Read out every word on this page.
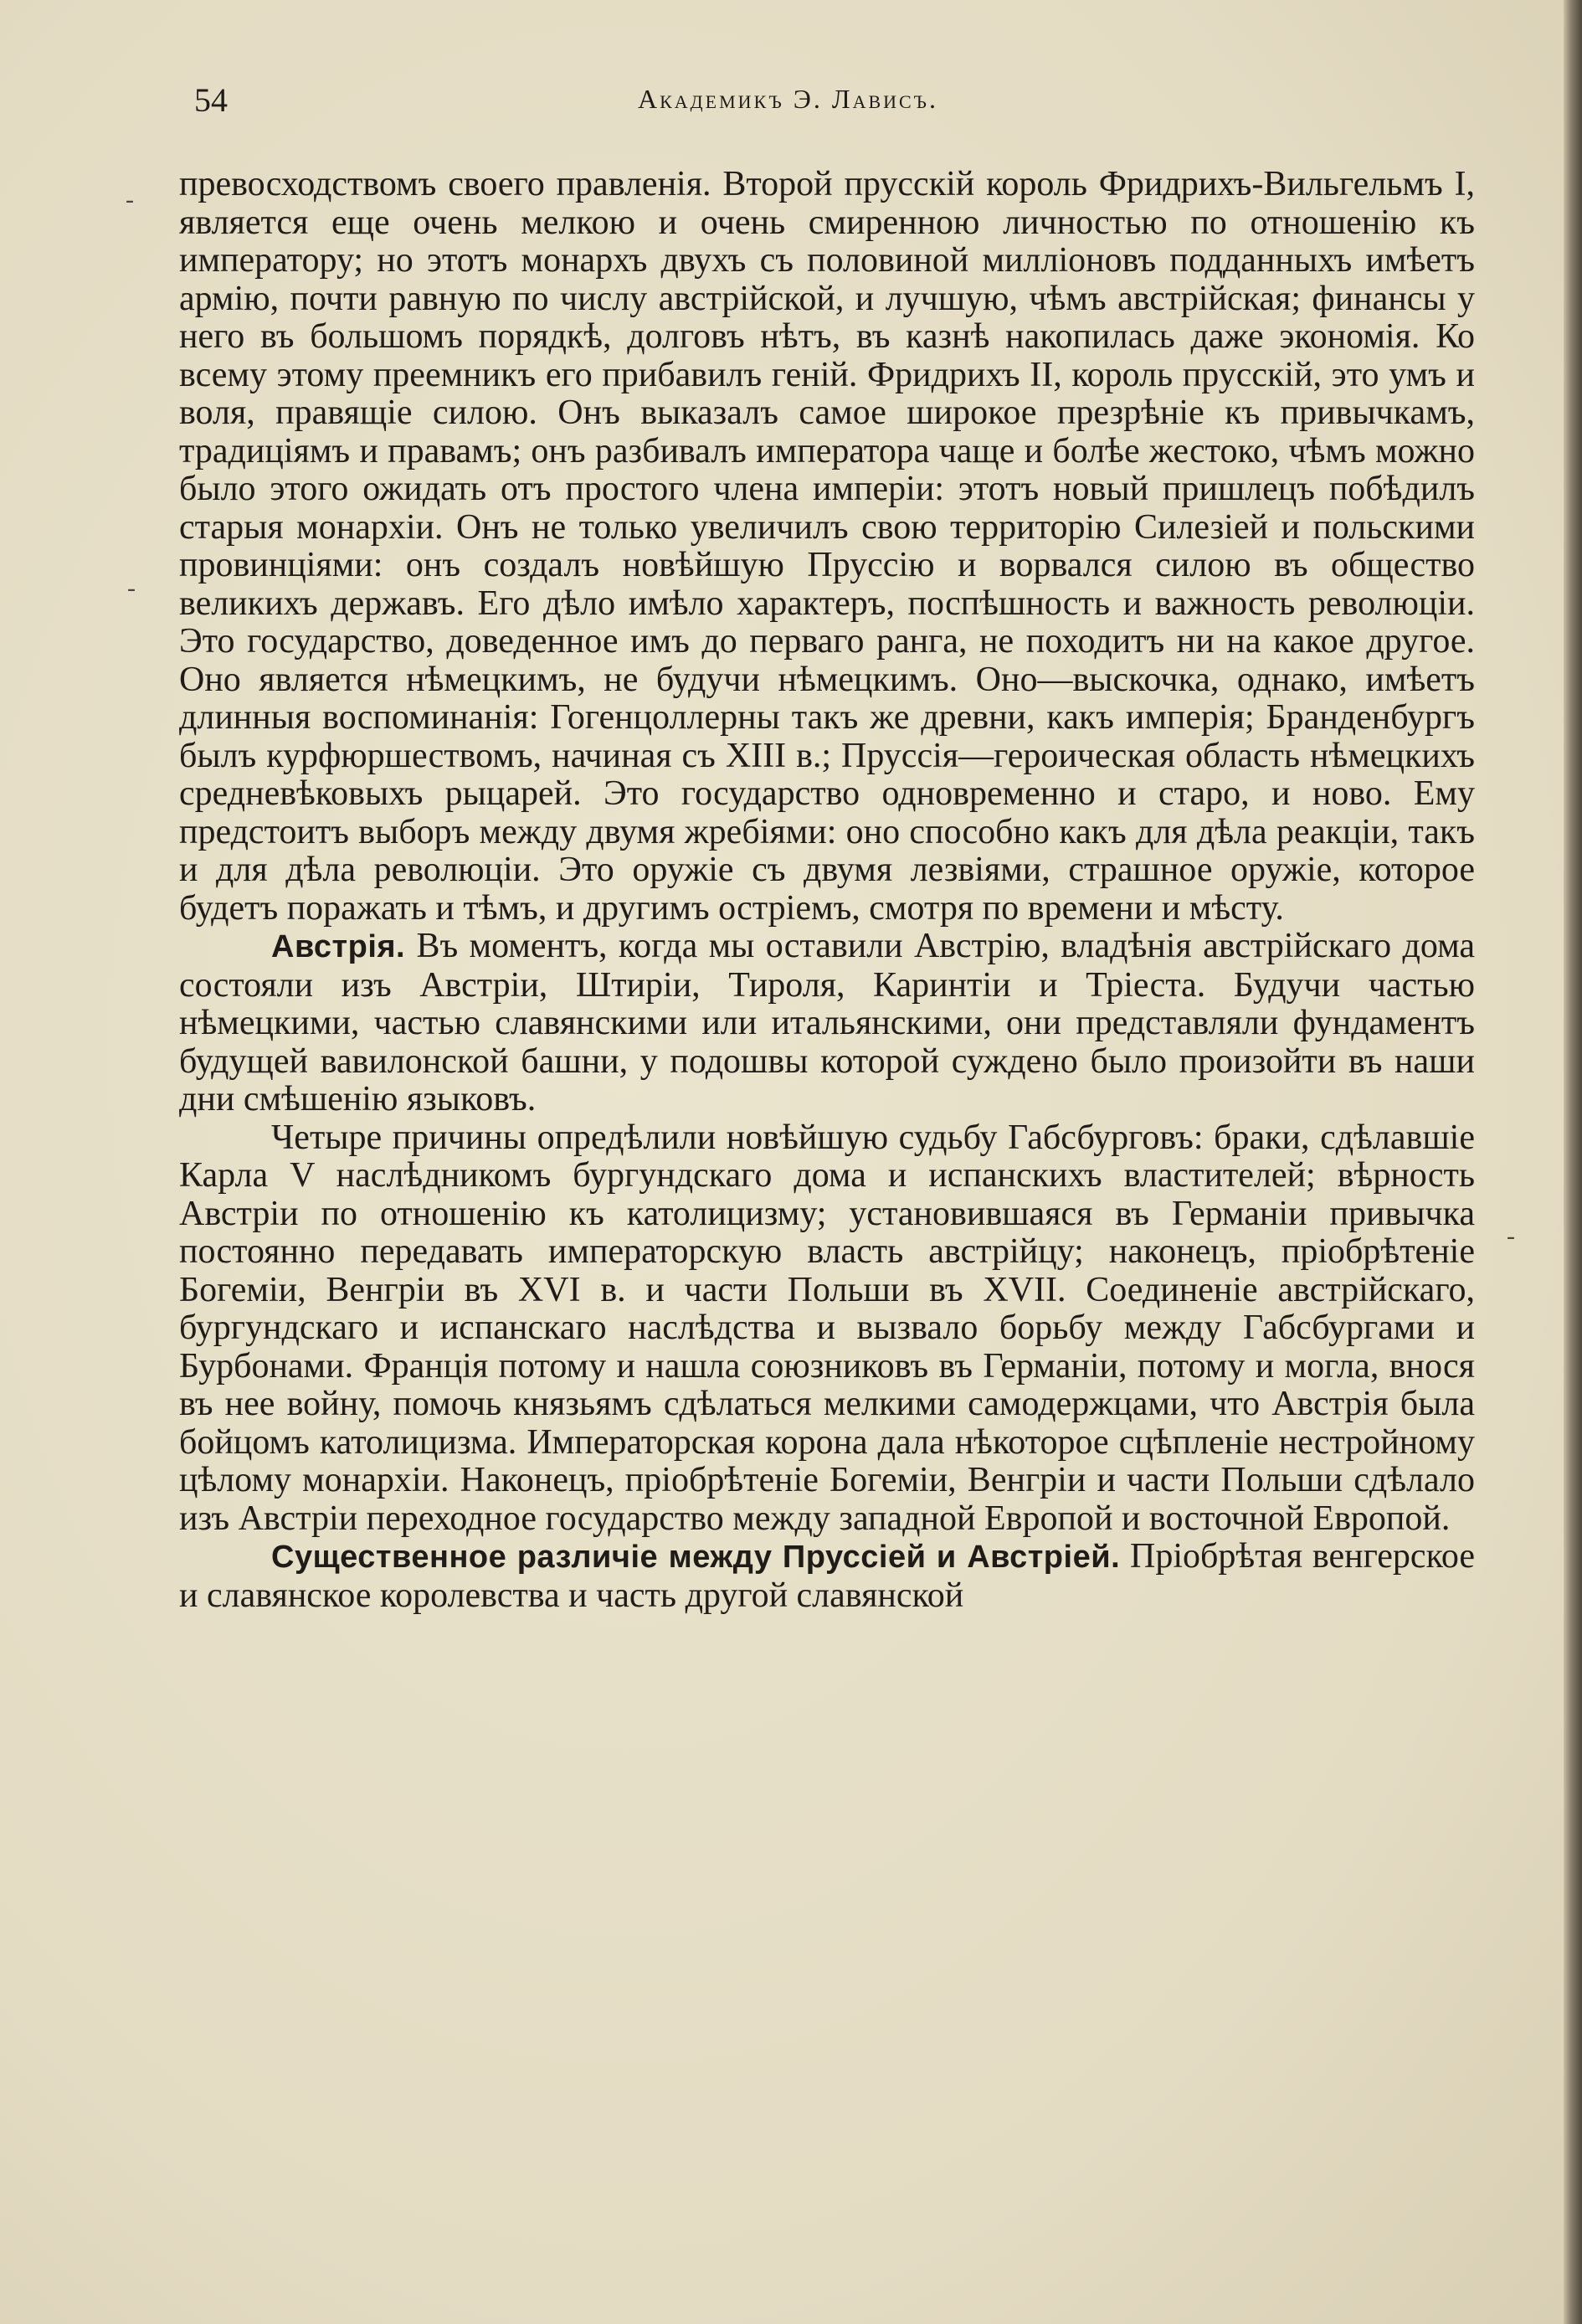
54	Академикъ Э. Лависъ.

превосходствомъ своего правленія. Второй прусскій король Фридрихъ-Вильгельмъ I, является еще очень мелкою и очень смиренною личностью по отношенію къ императору; но этотъ монархъ двухъ съ половиной милліоновъ подданныхъ имѣетъ армію, почти равную по числу австрійской, и лучшую, чѣмъ австрійская; финансы у него въ большомъ порядкѣ, долговъ нѣтъ, въ казнѣ накопилась даже экономія. Ко всему этому преемникъ его прибавилъ геній. Фридрихъ II, король прусскій, это умъ и воля, правящіе силою. Онъ выказалъ самое широкое презрѣніе къ привычкамъ, традиціямъ и правамъ; онъ разбивалъ императора чаще и болѣе жестоко, чѣмъ можно было этого ожидать отъ простого члена имперіи: этотъ новый пришлецъ побѣдилъ старыя монархіи. Онъ не только увеличилъ свою территорію Силезіей и польскими провинціями: онъ создалъ новѣйшую Пруссію и ворвался силою въ общество великихъ державъ. Его дѣло имѣло характеръ, поспѣшность и важность революціи. Это государство, доведенное имъ до перваго ранга, не походитъ ни на какое другое. Оно является нѣмецкимъ, не будучи нѣмецкимъ. Оно—выскочка, однако, имѣетъ длинныя воспоминанія: Гогенцоллерны такъ же древни, какъ имперія; Бранденбургъ былъ курфюршествомъ, начиная съ XIII в.; Пруссія—героическая область нѣмецкихъ средневѣковыхъ рыцарей. Это государство одновременно и старо, и ново. Ему предстоитъ выборъ между двумя жребіями: оно способно какъ для дѣла реакціи, такъ и для дѣла революціи. Это оружіе съ двумя лезвіями, страшное оружіе, которое будетъ поражать и тѣмъ, и другимъ остріемъ, смотря по времени и мѣсту.

Австрія. Въ моментъ, когда мы оставили Австрію, владѣнія австрійскаго дома состояли изъ Австріи, Штиріи, Тироля, Каринтіи и Тріеста. Будучи частью нѣмецкими, частью славянскими или итальянскими, они представляли фундаментъ будущей вавилонской башни, у подошвы которой суждено было произойти въ наши дни смѣшенію языковъ.

Четыре причины опредѣлили новѣйшую судьбу Габсбурговъ: браки, сдѣлавшіе Карла V наслѣдникомъ бургундскаго дома и испанскихъ властителей; вѣрность Австріи по отношенію къ католицизму; установившаяся въ Германіи привычка постоянно передавать императорскую власть австрійцу; наконецъ, пріобрѣтеніе Богеміи, Венгріи въ XVI в. и части Польши въ XVII. Соединеніе австрійскаго, бургундскаго и испанскаго наслѣдства и вызвало борьбу между Габсбургами и Бурбонами. Франція потому и нашла союзниковъ въ Германіи, потому и могла, внося въ нее войну, помочь князьямъ сдѣлаться мелкими самодержцами, что Австрія была бойцомъ католицизма. Императорская корона дала нѣкоторое сцѣпленіе нестройному цѣлому монархіи. Наконецъ, пріобрѣтеніе Богеміи, Венгріи и части Польши сдѣлало изъ Австріи переходное государство между западной Европой и восточной Европой.

Существенное различіе между Пруссіей и Австріей. Пріобрѣтая венгерское и славянское королевства и часть другой славянской

-
-
-
